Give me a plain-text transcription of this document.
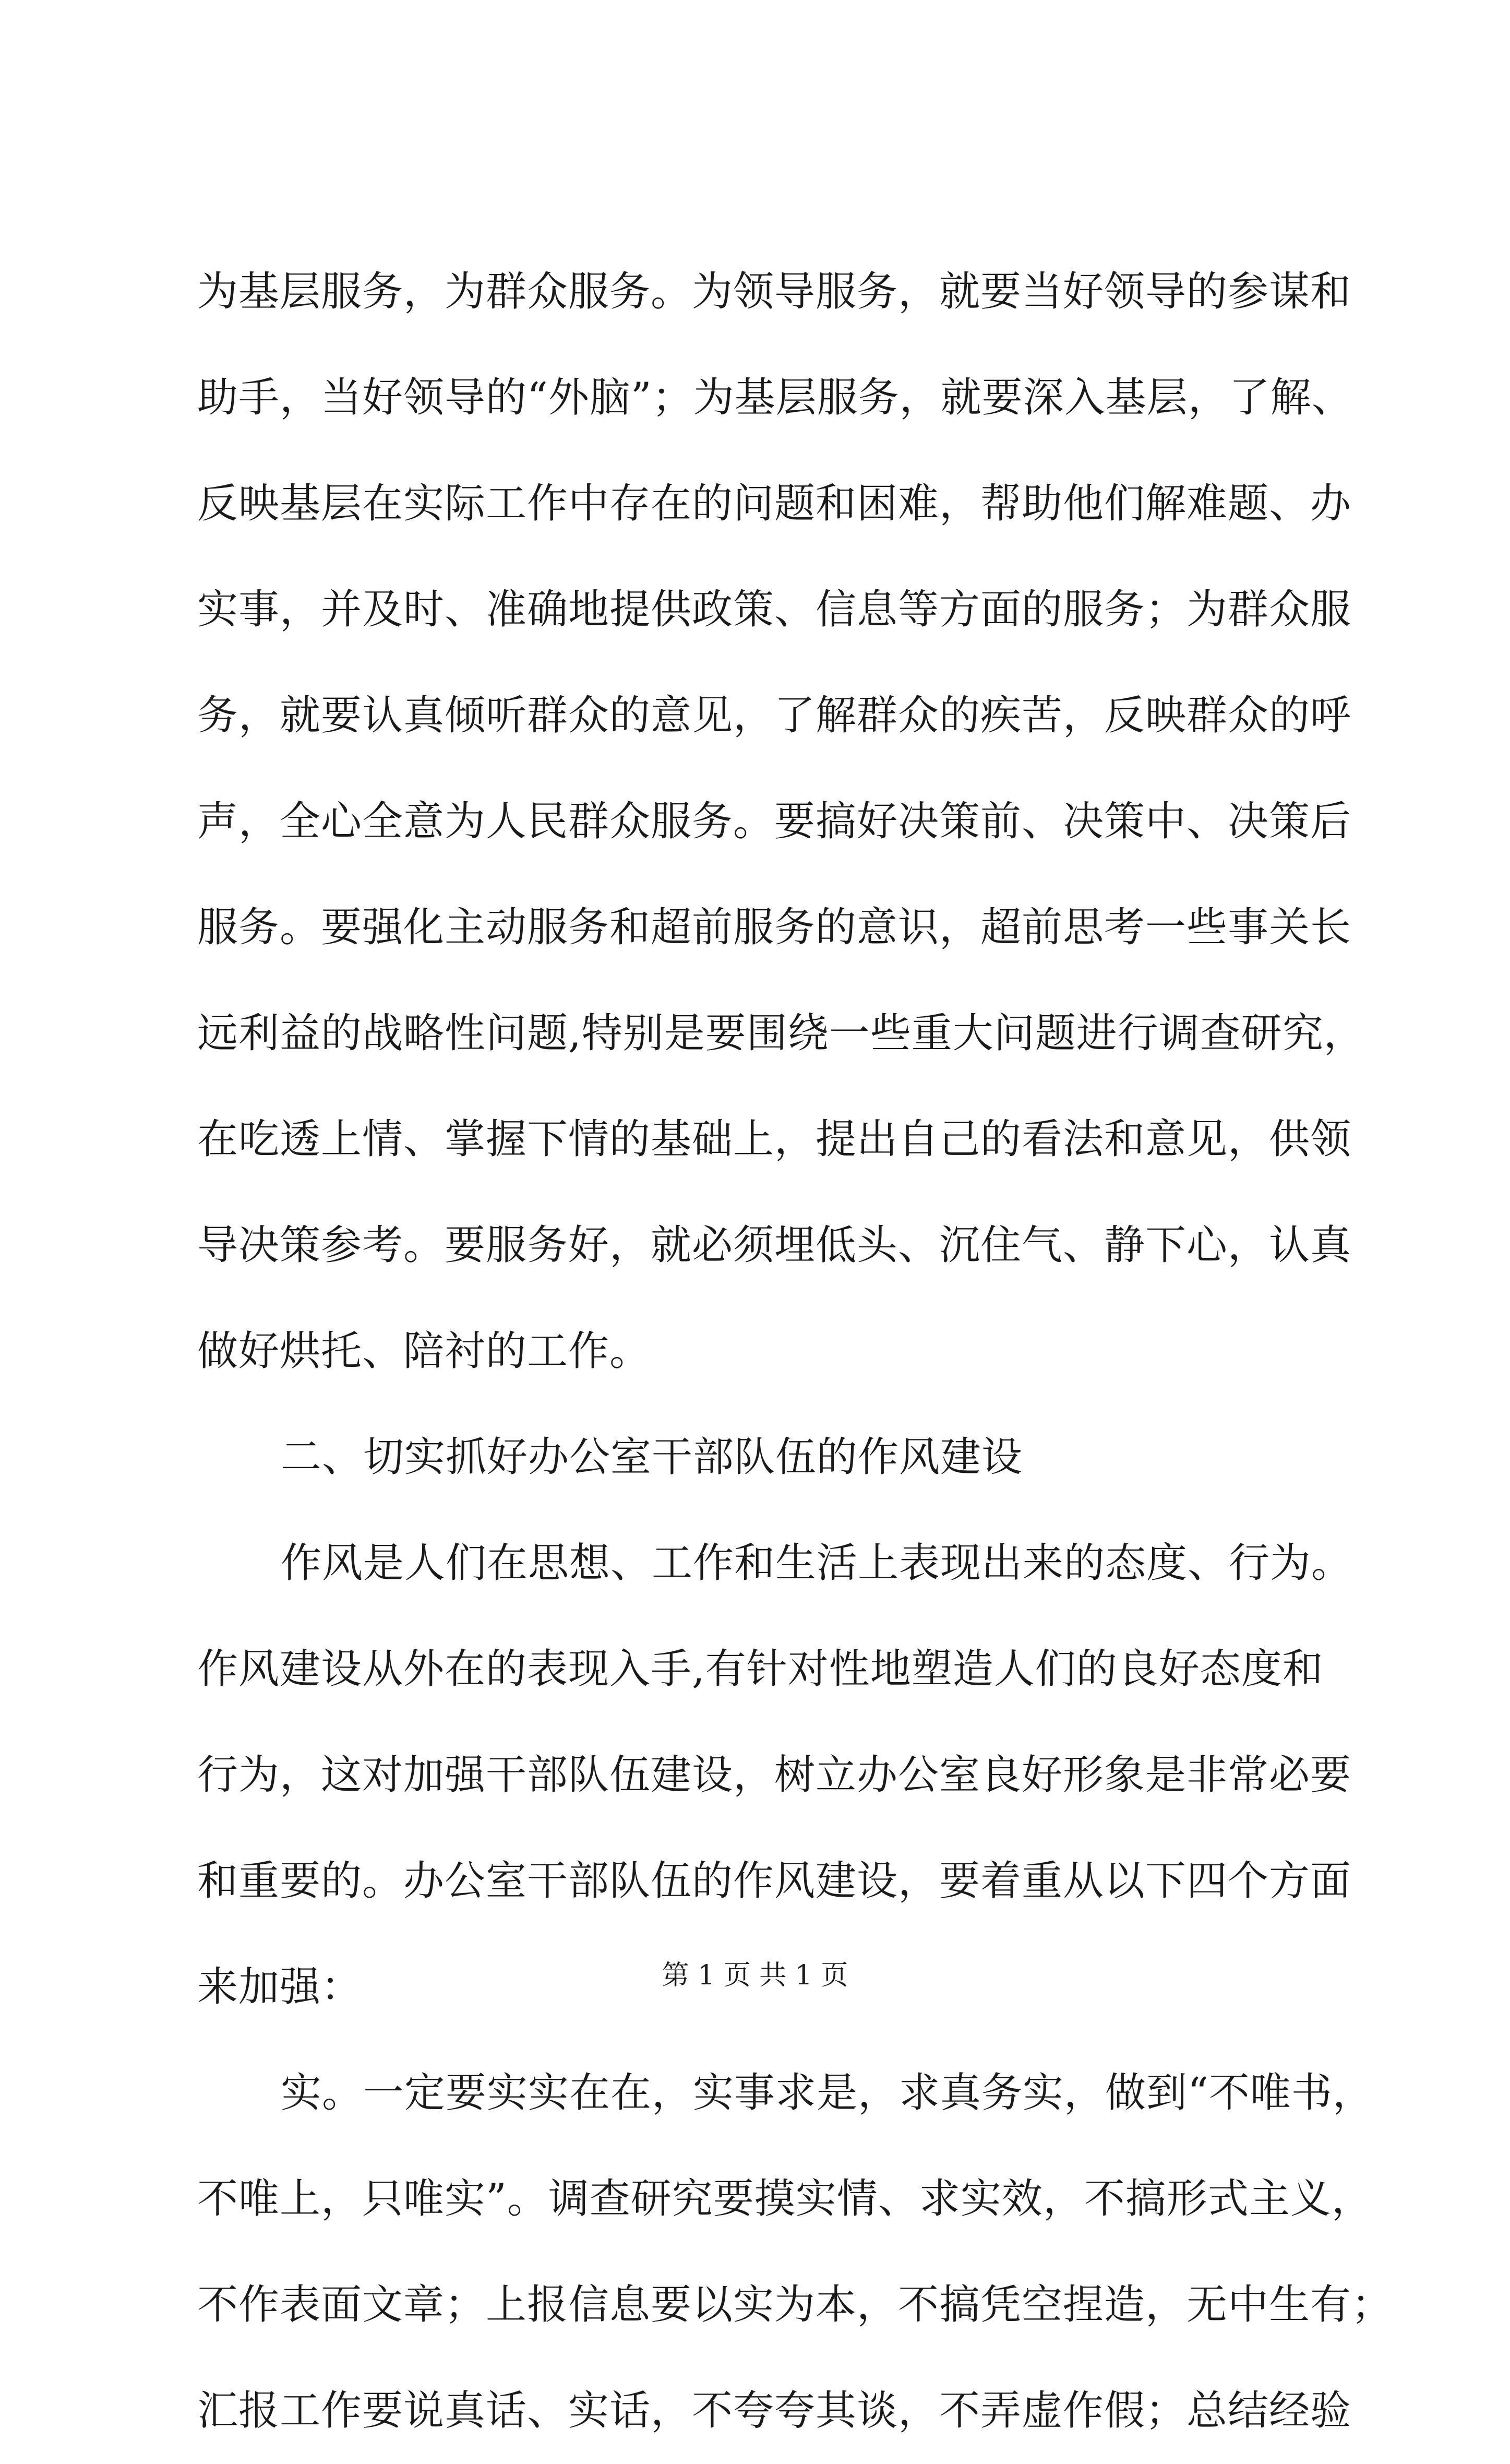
为基层服务，为群众服务。为领导服务，就要当好领导的参谋和
助手，当好领导的“外脑”；为基层服务，就要深入基层，了解、
反映基层在实际工作中存在的问题和困难，帮助他们解难题、办
实事，并及时、准确地提供政策、信息等方面的服务；为群众服
务，就要认真倾听群众的意见，了解群众的疾苦，反映群众的呼
声，全心全意为人民群众服务。要搞好决策前、决策中、决策后
服务。要强化主动服务和超前服务的意识，超前思考一些事关长
远利益的战略性问题,特别是要围绕一些重大问题进行调查研究，
在吃透上情、掌握下情的基础上，提出自己的看法和意见，供领
导决策参考。要服务好，就必须埋低头、沉住气、静下心，认真
做好烘托、陪衬的工作。
二、切实抓好办公室干部队伍的作风建设
作风是人们在思想、工作和生活上表现出来的态度、行为。
作风建设从外在的表现入手,有针对性地塑造人们的良好态度和
行为，这对加强干部队伍建设，树立办公室良好形象是非常必要
和重要的。办公室干部队伍的作风建设，要着重从以下四个方面
来加强：
实。一定要实实在在，实事求是，求真务实，做到“不唯书，
不唯上，只唯实”。调查研究要摸实情、求实效，不搞形式主义，
不作表面文章；上报信息要以实为本，不搞凭空捏造，无中生有；
汇报工作要说真话、实话，不夸夸其谈，不弄虚作假；总结经验
第 1 页 共 1 页
